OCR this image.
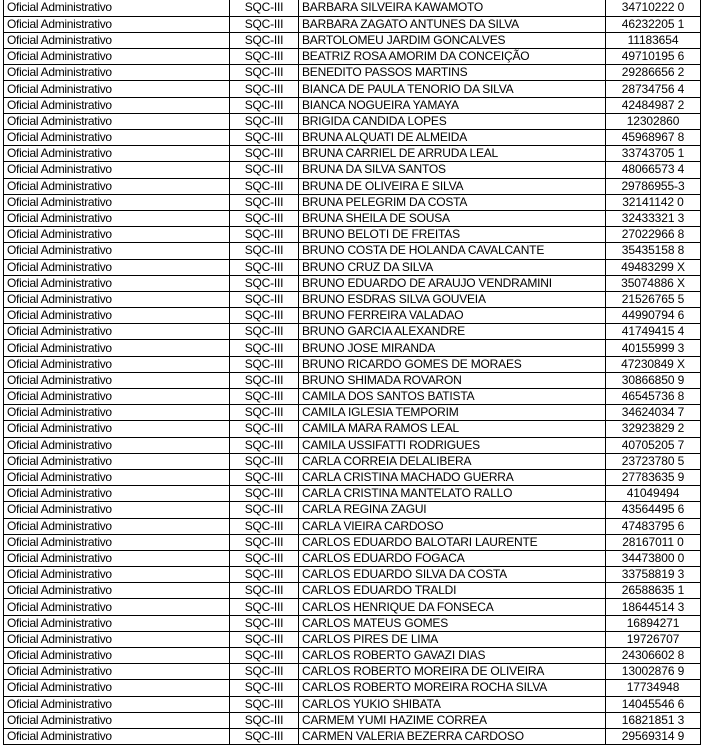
Oficial Administrativo	SQC-III	BARBARA SILVEIRA KAWAMOTO	34710222 0
Oficial Administrativo	SQC-III	BARBARA ZAGATO ANTUNES DA SILVA	46232205 1
Oficial Administrativo	SQC-III	BARTOLOMEU JARDIM GONCALVES	11183654
Oficial Administrativo	SQC-III	BEATRIZ ROSA AMORIM DA CONCEIÇÃO	49710195 6
Oficial Administrativo	SQC-III	BENEDITO PASSOS MARTINS	29286656 2
Oficial Administrativo	SQC-III	BIANCA DE PAULA TENORIO DA SILVA	28734756 4
Oficial Administrativo	SQC-III	BIANCA NOGUEIRA YAMAYA	42484987 2
Oficial Administrativo	SQC-III	BRIGIDA CANDIDA LOPES	12302860
Oficial Administrativo	SQC-III	BRUNA ALQUATI DE ALMEIDA	45968967 8
Oficial Administrativo	SQC-III	BRUNA CARRIEL DE ARRUDA LEAL	33743705 1
Oficial Administrativo	SQC-III	BRUNA DA SILVA SANTOS	48066573 4
Oficial Administrativo	SQC-III	BRUNA DE OLIVEIRA E SILVA	29786955-3
Oficial Administrativo	SQC-III	BRUNA PELEGRIM DA COSTA	32141142 0
Oficial Administrativo	SQC-III	BRUNA SHEILA DE SOUSA	32433321 3
Oficial Administrativo	SQC-III	BRUNO BELOTI DE FREITAS	27022966 8
Oficial Administrativo	SQC-III	BRUNO COSTA DE HOLANDA CAVALCANTE	35435158 8
Oficial Administrativo	SQC-III	BRUNO CRUZ DA SILVA	49483299 X
Oficial Administrativo	SQC-III	BRUNO EDUARDO DE ARAUJO VENDRAMINI	35074886 X
Oficial Administrativo	SQC-III	BRUNO ESDRAS SILVA GOUVEIA	21526765 5
Oficial Administrativo	SQC-III	BRUNO FERREIRA VALADAO	44990794 6
Oficial Administrativo	SQC-III	BRUNO GARCIA ALEXANDRE	41749415 4
Oficial Administrativo	SQC-III	BRUNO JOSE MIRANDA	40155999 3
Oficial Administrativo	SQC-III	BRUNO RICARDO GOMES DE MORAES	47230849 X
Oficial Administrativo	SQC-III	BRUNO SHIMADA ROVARON	30866850 9
Oficial Administrativo	SQC-III	CAMILA DOS SANTOS BATISTA	46545736 8
Oficial Administrativo	SQC-III	CAMILA IGLESIA TEMPORIM	34624034 7
Oficial Administrativo	SQC-III	CAMILA MARA RAMOS LEAL	32923829 2
Oficial Administrativo	SQC-III	CAMILA USSIFATTI RODRIGUES	40705205 7
Oficial Administrativo	SQC-III	CARLA CORREIA DELALIBERA	23723780 5
Oficial Administrativo	SQC-III	CARLA CRISTINA MACHADO GUERRA	27783635 9
Oficial Administrativo	SQC-III	CARLA CRISTINA MANTELATO RALLO	41049494
Oficial Administrativo	SQC-III	CARLA REGINA ZAGUI	43564495 6
Oficial Administrativo	SQC-III	CARLA VIEIRA CARDOSO	47483795 6
Oficial Administrativo	SQC-III	CARLOS EDUARDO BALOTARI LAURENTE	28167011 0
Oficial Administrativo	SQC-III	CARLOS EDUARDO FOGACA	34473800 0
Oficial Administrativo	SQC-III	CARLOS EDUARDO SILVA DA COSTA	33758819 3
Oficial Administrativo	SQC-III	CARLOS EDUARDO TRALDI	26588635 1
Oficial Administrativo	SQC-III	CARLOS HENRIQUE DA FONSECA	18644514 3
Oficial Administrativo	SQC-III	CARLOS MATEUS GOMES	16894271
Oficial Administrativo	SQC-III	CARLOS PIRES DE LIMA	19726707
Oficial Administrativo	SQC-III	CARLOS ROBERTO GAVAZI DIAS	24306602 8
Oficial Administrativo	SQC-III	CARLOS ROBERTO MOREIRA DE OLIVEIRA	13002876 9
Oficial Administrativo	SQC-III	CARLOS ROBERTO MOREIRA ROCHA SILVA	17734948
Oficial Administrativo	SQC-III	CARLOS YUKIO SHIBATA	14045546 6
Oficial Administrativo	SQC-III	CARMEM YUMI HAZIME CORREA	16821851 3
Oficial Administrativo	SQC-III	CARMEN VALERIA BEZERRA CARDOSO	29569314 9
